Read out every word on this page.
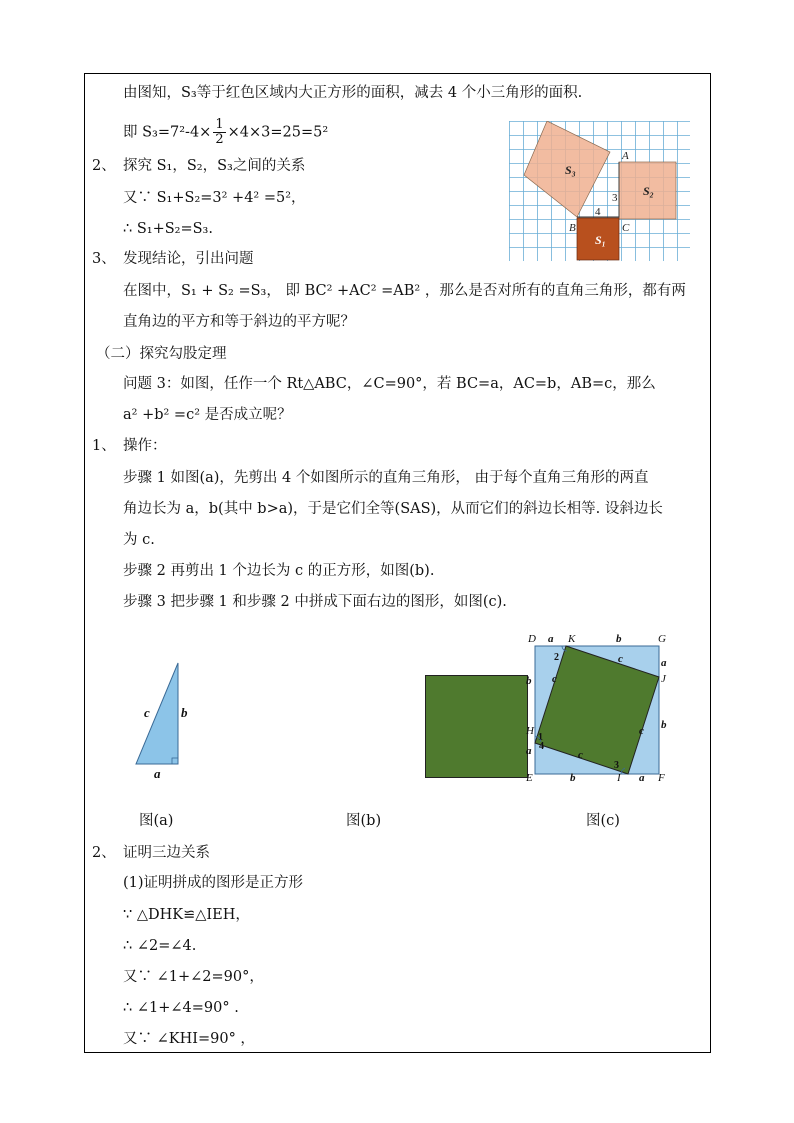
由图知，S₃等于红色区域内大正方形的面积，减去 4 个小三角形的面积.
即 $S_3=7^2-4\times \frac{1}{2} \times 4\times 3=25=5^2$
2、 探究 S₁，S₂，S₃之间的关系
又∵ S₁+S₂=3² +4² =5²，
∴ S₁+S₂=S₃.
3、 发现结论，引出问题
在图中，S₁ + S₂ =S₃， 即 BC² +AC² =AB² ，那么是否对所有的直角三角形，都有两
直角边的平方和等于斜边的平方呢？
（二）探究勾股定理
问题 3：如图，任作一个 Rt△ABC，∠C=90°，若 BC=a，AC=b，AB=c，那么
a² +b² =c² 是否成立呢？
1、 操作：
步骤 1 如图(a)，先剪出 4 个如图所示的直角三角形， 由于每个直角三角形的两直
角边长为 a，b(其中 b>a)，于是它们全等(SAS)，从而它们的斜边长相等. 设斜边长
为 c.
步骤 2 再剪出 1 个边长为 c 的正方形，如图(b).
步骤 3 把步骤 1 和步骤 2 中拼成下面右边的图形，如图(c).
图(a)	图(b)	图(c)
2、 证明三边关系
(1)证明拼成的图形是正方形
∵ △DHK≌△IEH，
∴ ∠2=∠4.
又∵ ∠1+∠2=90°，
∴ ∠1+∠4=90° .
又∵ ∠KHI=90° ，
S₃
S₂
S₁
A
B	C
3
4
c b
a
D	K	G
J
H
E	I	F
a	b
a
b
b	a
b
a
c
c
c
c
2
1
4
3
